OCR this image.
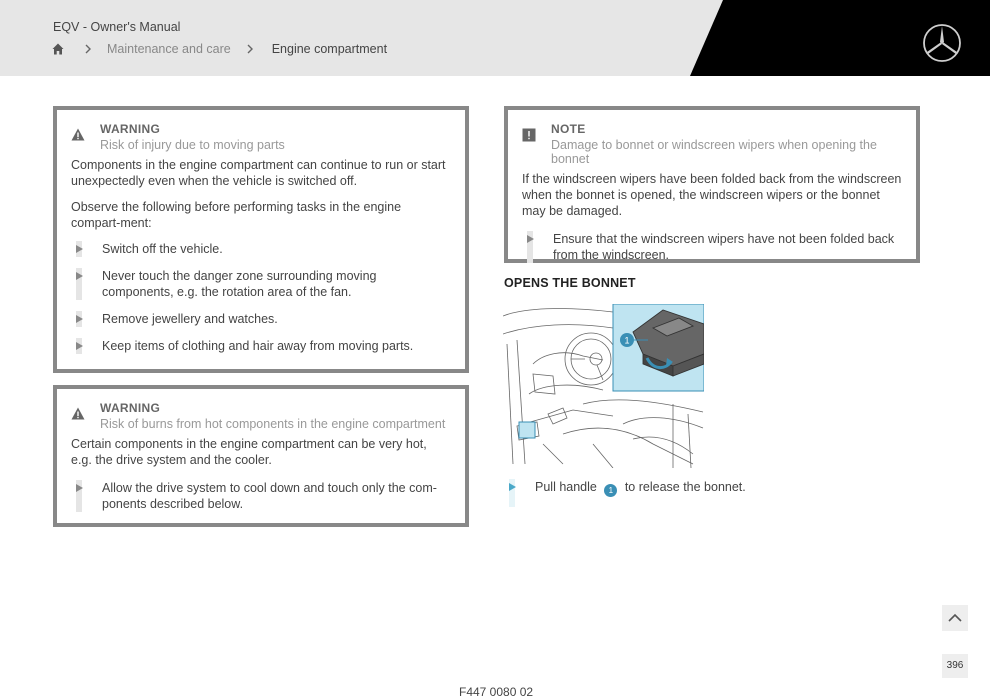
EQV - Owner's Manual
Maintenance and care	Engine compartment
WARNING
Risk of injury due to moving parts
Components in the engine compartment can continue to run or start unexpectedly even when the vehicle is switched off.
Observe the following before performing tasks in the engine compart-ment:
Switch off the vehicle.
Never touch the danger zone surrounding moving components, e.g. the rotation area of the fan.
Remove jewellery and watches.
Keep items of clothing and hair away from moving parts.
WARNING
Risk of burns from hot components in the engine compartment
Certain components in the engine compartment can be very hot, e.g. the drive system and the cooler.
Allow the drive system to cool down and touch only the com-ponents described below.
NOTE
Damage to bonnet or windscreen wipers when opening the bonnet
If the windscreen wipers have been folded back from the windscreen when the bonnet is opened, the windscreen wipers or the bonnet may be damaged.
Ensure that the windscreen wipers have not been folded back from the windscreen.
OPENS THE BONNET
1
Pull handle 1 to release the bonnet.
396
F447 0080 02
